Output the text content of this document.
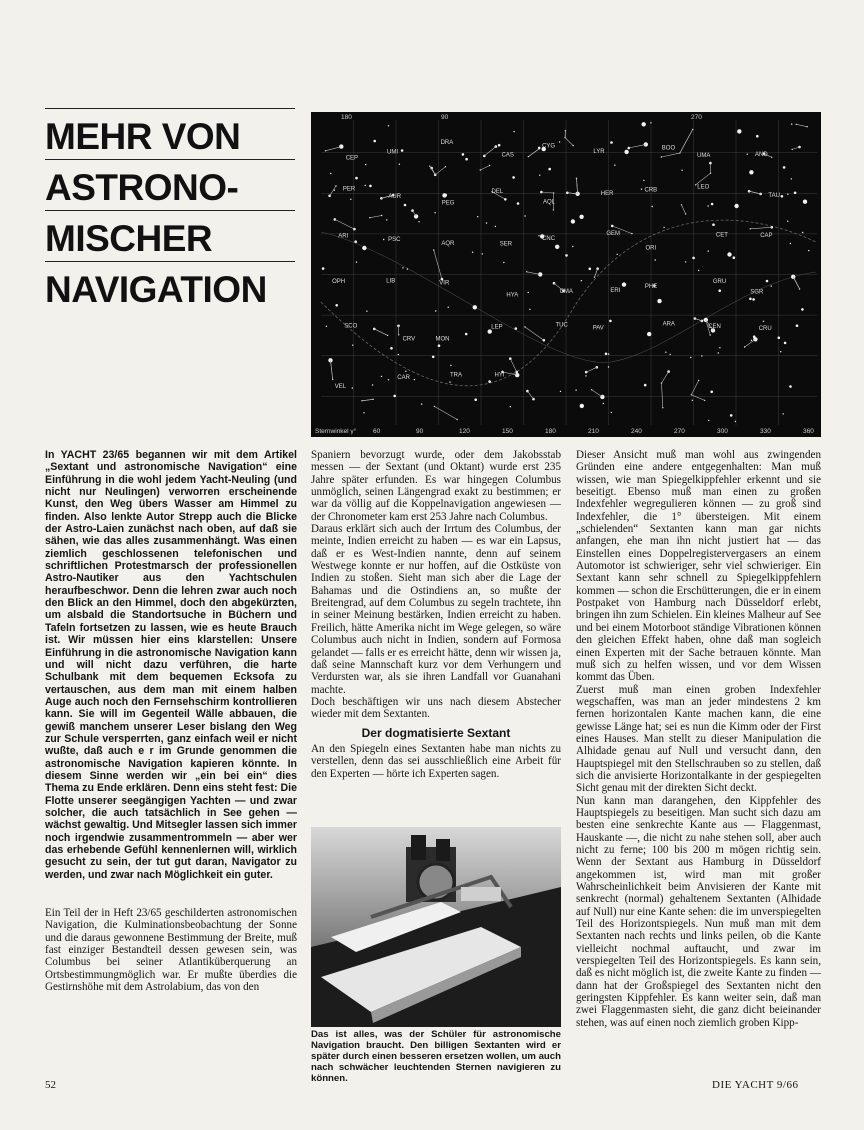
MEHR VON
ASTRONO-
MISCHER
NAVIGATION
CEP
UMI
DRA
CAS
CYG
LYR
BOO
UMA	AND
PER
AUR
PEG
DEL
AQL
HER
CRB	LEO
TAU
ARI
PSC
AQR	SER
CNC
GEM
ORI
CET	CAP
OPH	LIB	VIR
HYA
CMA	ERI
PHE
GRU
SGR
SCO
CRV	MON
LEP	TUC	PAV
ARA	CEN	CRU
VEL
CAR	TRA	HYI
Sternwinkel γ°	60	90	120	150	180	210	240	270	300	330	360
180	90	270

In YACHT 23/65 begannen wir mit dem Artikel „Sextant und astronomische Navigation“ eine Einführung in die wohl jedem Yacht-Neuling (und nicht nur Neulingen) verworren erscheinende Kunst, den Weg übers Wasser am Himmel zu finden. Also lenkte Autor Strepp auch die Blicke der Astro-Laien zunächst nach oben, auf daß sie sähen, wie das alles zusammenhängt. Was einen ziemlich geschlossenen telefonischen und schriftlichen Protestmarsch der professionellen Astro-Nautiker aus den Yachtschulen heraufbeschwor. Denn die lehren zwar auch noch den Blick an den Himmel, doch den abgekürzten, um alsbald die Standortsuche in Büchern und Tafeln fortsetzen zu lassen, wie es heute Brauch ist. Wir müssen hier eins klarstellen: Unsere Einführung in die astronomische Navigation kann und will nicht dazu verführen, die harte Schulbank mit dem bequemen Ecksofa zu vertauschen, aus dem man mit einem halben Auge auch noch den Fernsehschirm kontrollieren kann. Sie will im Gegenteil Wälle abbauen, die gewiß manchem unserer Leser bislang den Weg zur Schule versperrten, ganz einfach weil er nicht wußte, daß auch e r im Grunde genommen die astronomische Navigation kapieren könnte. In diesem Sinne werden wir „ein bei ein“ dies Thema zu Ende erklären. Denn eins steht fest: Die Flotte unserer seegängigen Yachten — und zwar solcher, die auch tatsächlich in See gehen — wächst gewaltig. Und Mitsegler lassen sich immer noch irgendwie zusammentrommeln — aber wer das erhebende Gefühl kennenlernen will, wirklich gesucht zu sein, der tut gut daran, Navigator zu werden, und zwar nach Möglichkeit ein guter.

Ein Teil der in Heft 23/65 geschilderten astronomischen Navigation, die Kulminationsbeobachtung der Sonne und die daraus gewonnene Bestimmung der Breite, muß fast einziger Bestandteil dessen gewesen sein, was Columbus bei seiner Atlantiküberquerung an Ortsbestimmungmöglich war. Er mußte überdies die Gestirnshöhe mit dem Astrolabium, das von den

Spaniern bevorzugt wurde, oder dem Jakobsstab messen — der Sextant (und Oktant) wurde erst 235 Jahre später erfunden. Es war hingegen Columbus unmöglich, seinen Längengrad exakt zu bestimmen; er war da völlig auf die Koppelnavigation angewiesen — der Chronometer kam erst 253 Jahre nach Columbus.

Daraus erklärt sich auch der Irrtum des Columbus, der meinte, Indien erreicht zu haben — es war ein Lapsus, daß er es West-Indien nannte, denn auf seinem Westwege konnte er nur hoffen, auf die Ostküste von Indien zu stoßen. Sieht man sich aber die Lage der Bahamas und die Ostindiens an, so mußte der Breitengrad, auf dem Columbus zu segeln trachtete, ihn in seiner Meinung bestärken, Indien erreicht zu haben. Freilich, hätte Amerika nicht im Wege gelegen, so wäre Columbus auch nicht in Indien, sondern auf Formosa gelandet — falls er es erreicht hätte, denn wir wissen ja, daß seine Mannschaft kurz vor dem Verhungern und Verdursten war, als sie ihren Landfall vor Guanahani machte.

Doch beschäftigen wir uns nach diesem Abstecher wieder mit dem Sextanten.

Der dogmatisierte Sextant

An den Spiegeln eines Sextanten habe man nichts zu verstellen, denn das sei ausschließlich eine Arbeit für den Experten — hörte ich Experten sagen.

Das ist alles, was der Schüler für astronomische Navigation braucht. Den billigen Sextanten wird er später durch einen besseren ersetzen wollen, um auch nach schwächer leuchtenden Sternen navigieren zu können.

Dieser Ansicht muß man wohl aus zwingenden Gründen eine andere entgegenhalten: Man muß wissen, wie man Spiegelkippfehler erkennt und sie beseitigt. Ebenso muß man einen zu großen Indexfehler wegregulieren können — zu groß sind Indexfehler, die 1° übersteigen. Mit einem „schielenden“ Sextanten kann man gar nichts anfangen, ehe man ihn nicht justiert hat — das Einstellen eines Doppelregistervergasers an einem Automotor ist schwieriger, sehr viel schwieriger. Ein Sextant kann sehr schnell zu Spiegelkippfehlern kommen — schon die Erschütterungen, die er in einem Postpaket von Hamburg nach Düsseldorf erlebt, bringen ihn zum Schielen. Ein kleines Malheur auf See und bei einem Motorboot ständige Vibrationen können den gleichen Effekt haben, ohne daß man sogleich einen Experten mit der Sache betrauen könnte. Man muß sich zu helfen wissen, und vor dem Wissen kommt das Üben.

Zuerst muß man einen groben Indexfehler wegschaffen, was man an jeder mindestens 2 km fernen horizontalen Kante machen kann, die eine gewisse Länge hat; sei es nun die Kimm oder der First eines Hauses. Man stellt zu dieser Manipulation die Alhidade genau auf Null und versucht dann, den Hauptspiegel mit den Stellschrauben so zu stellen, daß sich die anvisierte Horizontalkante in der gespiegelten Sicht genau mit der direkten Sicht deckt.

Nun kann man darangehen, den Kippfehler des Hauptspiegels zu beseitigen. Man sucht sich dazu am besten eine senkrechte Kante aus — Flaggenmast, Hauskante —, die nicht zu nahe stehen soll, aber auch nicht zu ferne; 100 bis 200 m mögen richtig sein. Wenn der Sextant aus Hamburg in Düsseldorf angekommen ist, wird man mit großer Wahrscheinlichkeit beim Anvisieren der Kante mit senkrecht (normal) gehaltenem Sextanten (Alhidade auf Null) nur eine Kante sehen: die im unverspiegelten Teil des Horizontspiegels. Nun muß man mit dem Sextanten nach rechts und links peilen, ob die Kante vielleicht nochmal auftaucht, und zwar im verspiegelten Teil des Horizontspiegels. Es kann sein, daß es nicht möglich ist, die zweite Kante zu finden — dann hat der Großspiegel des Sextanten nicht den geringsten Kippfehler. Es kann weiter sein, daß man zwei Flaggenmasten sieht, die ganz dicht beieinander stehen, was auf einen noch ziemlich groben Kipp-

52	DIE YACHT 9/66
